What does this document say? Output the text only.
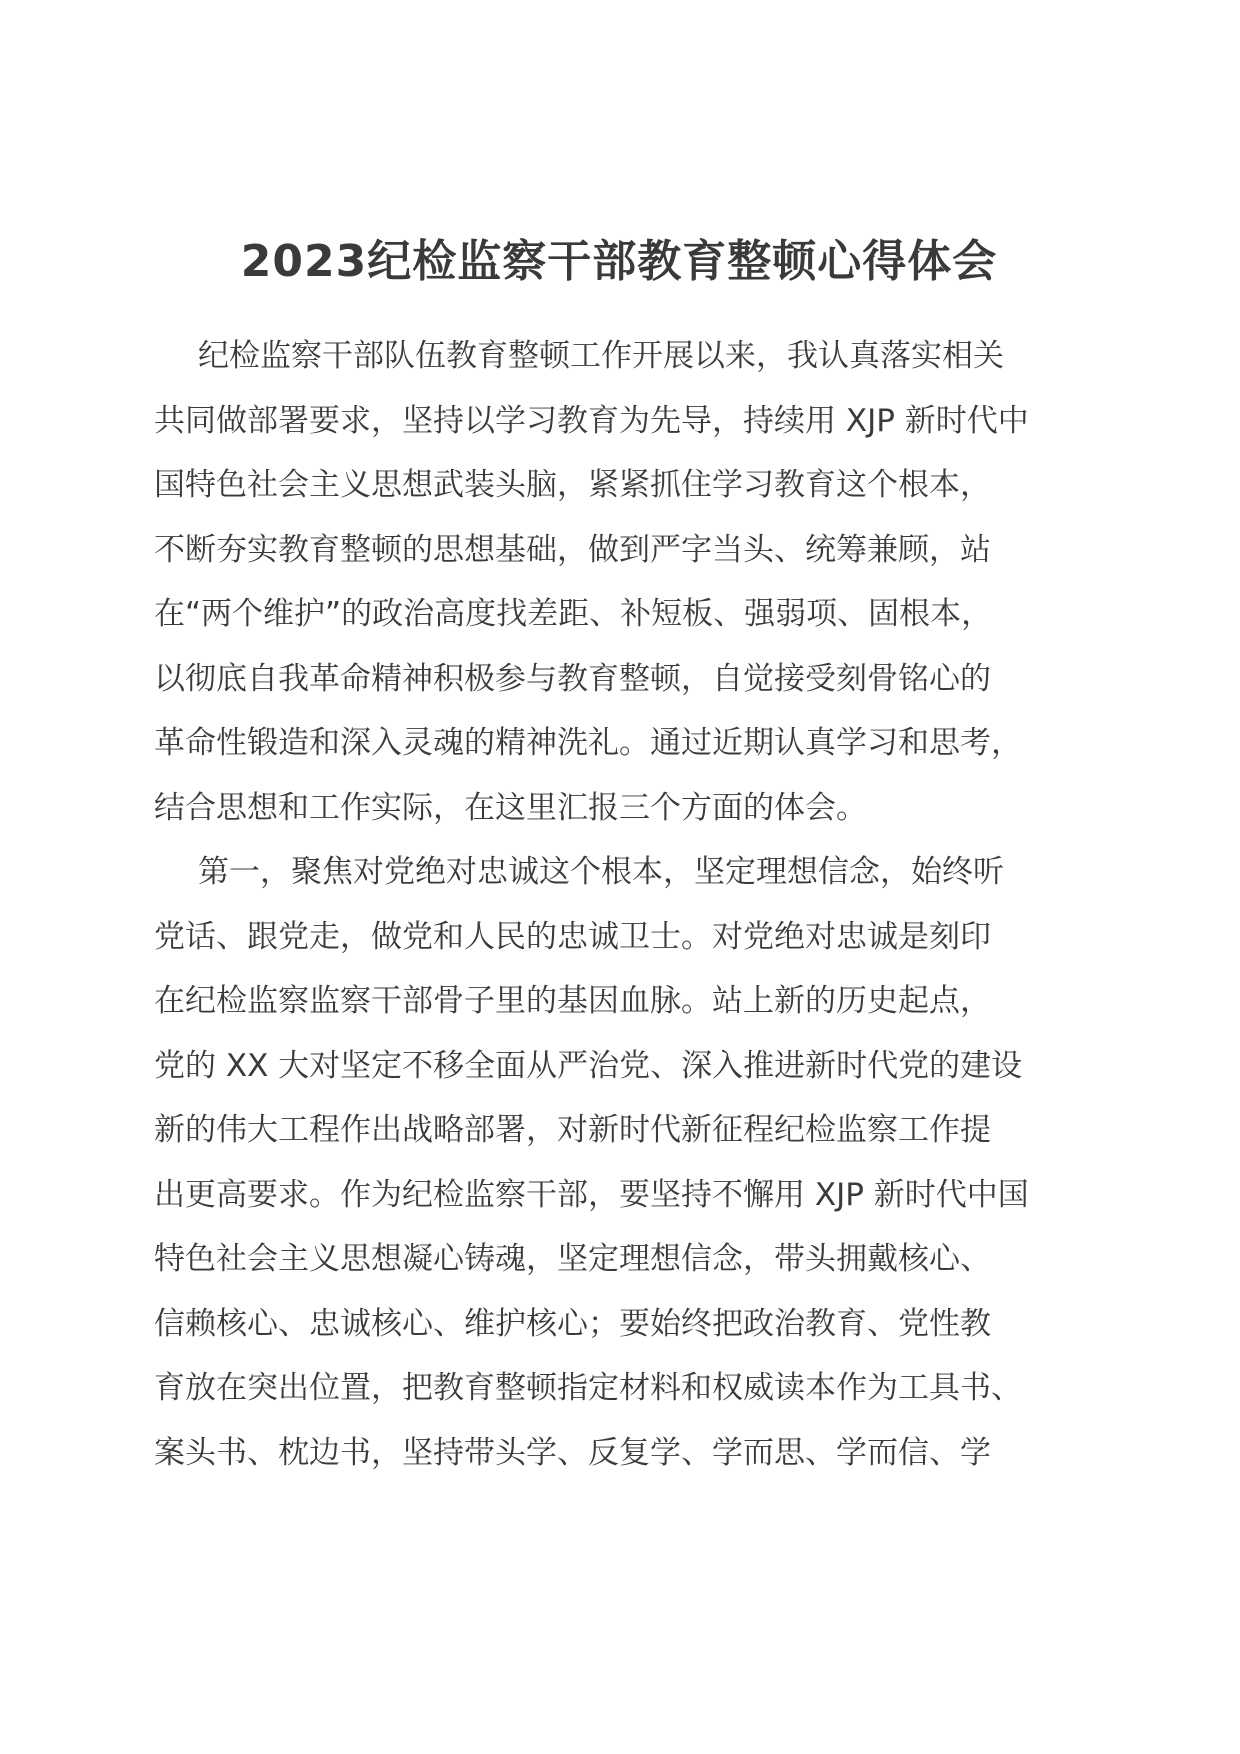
2023纪检监察干部教育整顿心得体会
纪检监察干部队伍教育整顿工作开展以来，我认真落实相关
共同做部署要求，坚持以学习教育为先导，持续用 XJP 新时代中
国特色社会主义思想武装头脑，紧紧抓住学习教育这个根本，
不断夯实教育整顿的思想基础，做到严字当头、统筹兼顾，站
在“两个维护”的政治高度找差距、补短板、强弱项、固根本，
以彻底自我革命精神积极参与教育整顿，自觉接受刻骨铭心的
革命性锻造和深入灵魂的精神洗礼。通过近期认真学习和思考，
结合思想和工作实际，在这里汇报三个方面的体会。
第一，聚焦对党绝对忠诚这个根本，坚定理想信念，始终听
党话、跟党走，做党和人民的忠诚卫士。对党绝对忠诚是刻印
在纪检监察监察干部骨子里的基因血脉。站上新的历史起点，
党的 XX 大对坚定不移全面从严治党、深入推进新时代党的建设
新的伟大工程作出战略部署，对新时代新征程纪检监察工作提
出更高要求。作为纪检监察干部，要坚持不懈用 XJP 新时代中国
特色社会主义思想凝心铸魂，坚定理想信念，带头拥戴核心、
信赖核心、忠诚核心、维护核心；要始终把政治教育、党性教
育放在突出位置，把教育整顿指定材料和权威读本作为工具书、
案头书、枕边书，坚持带头学、反复学、学而思、学而信、学
